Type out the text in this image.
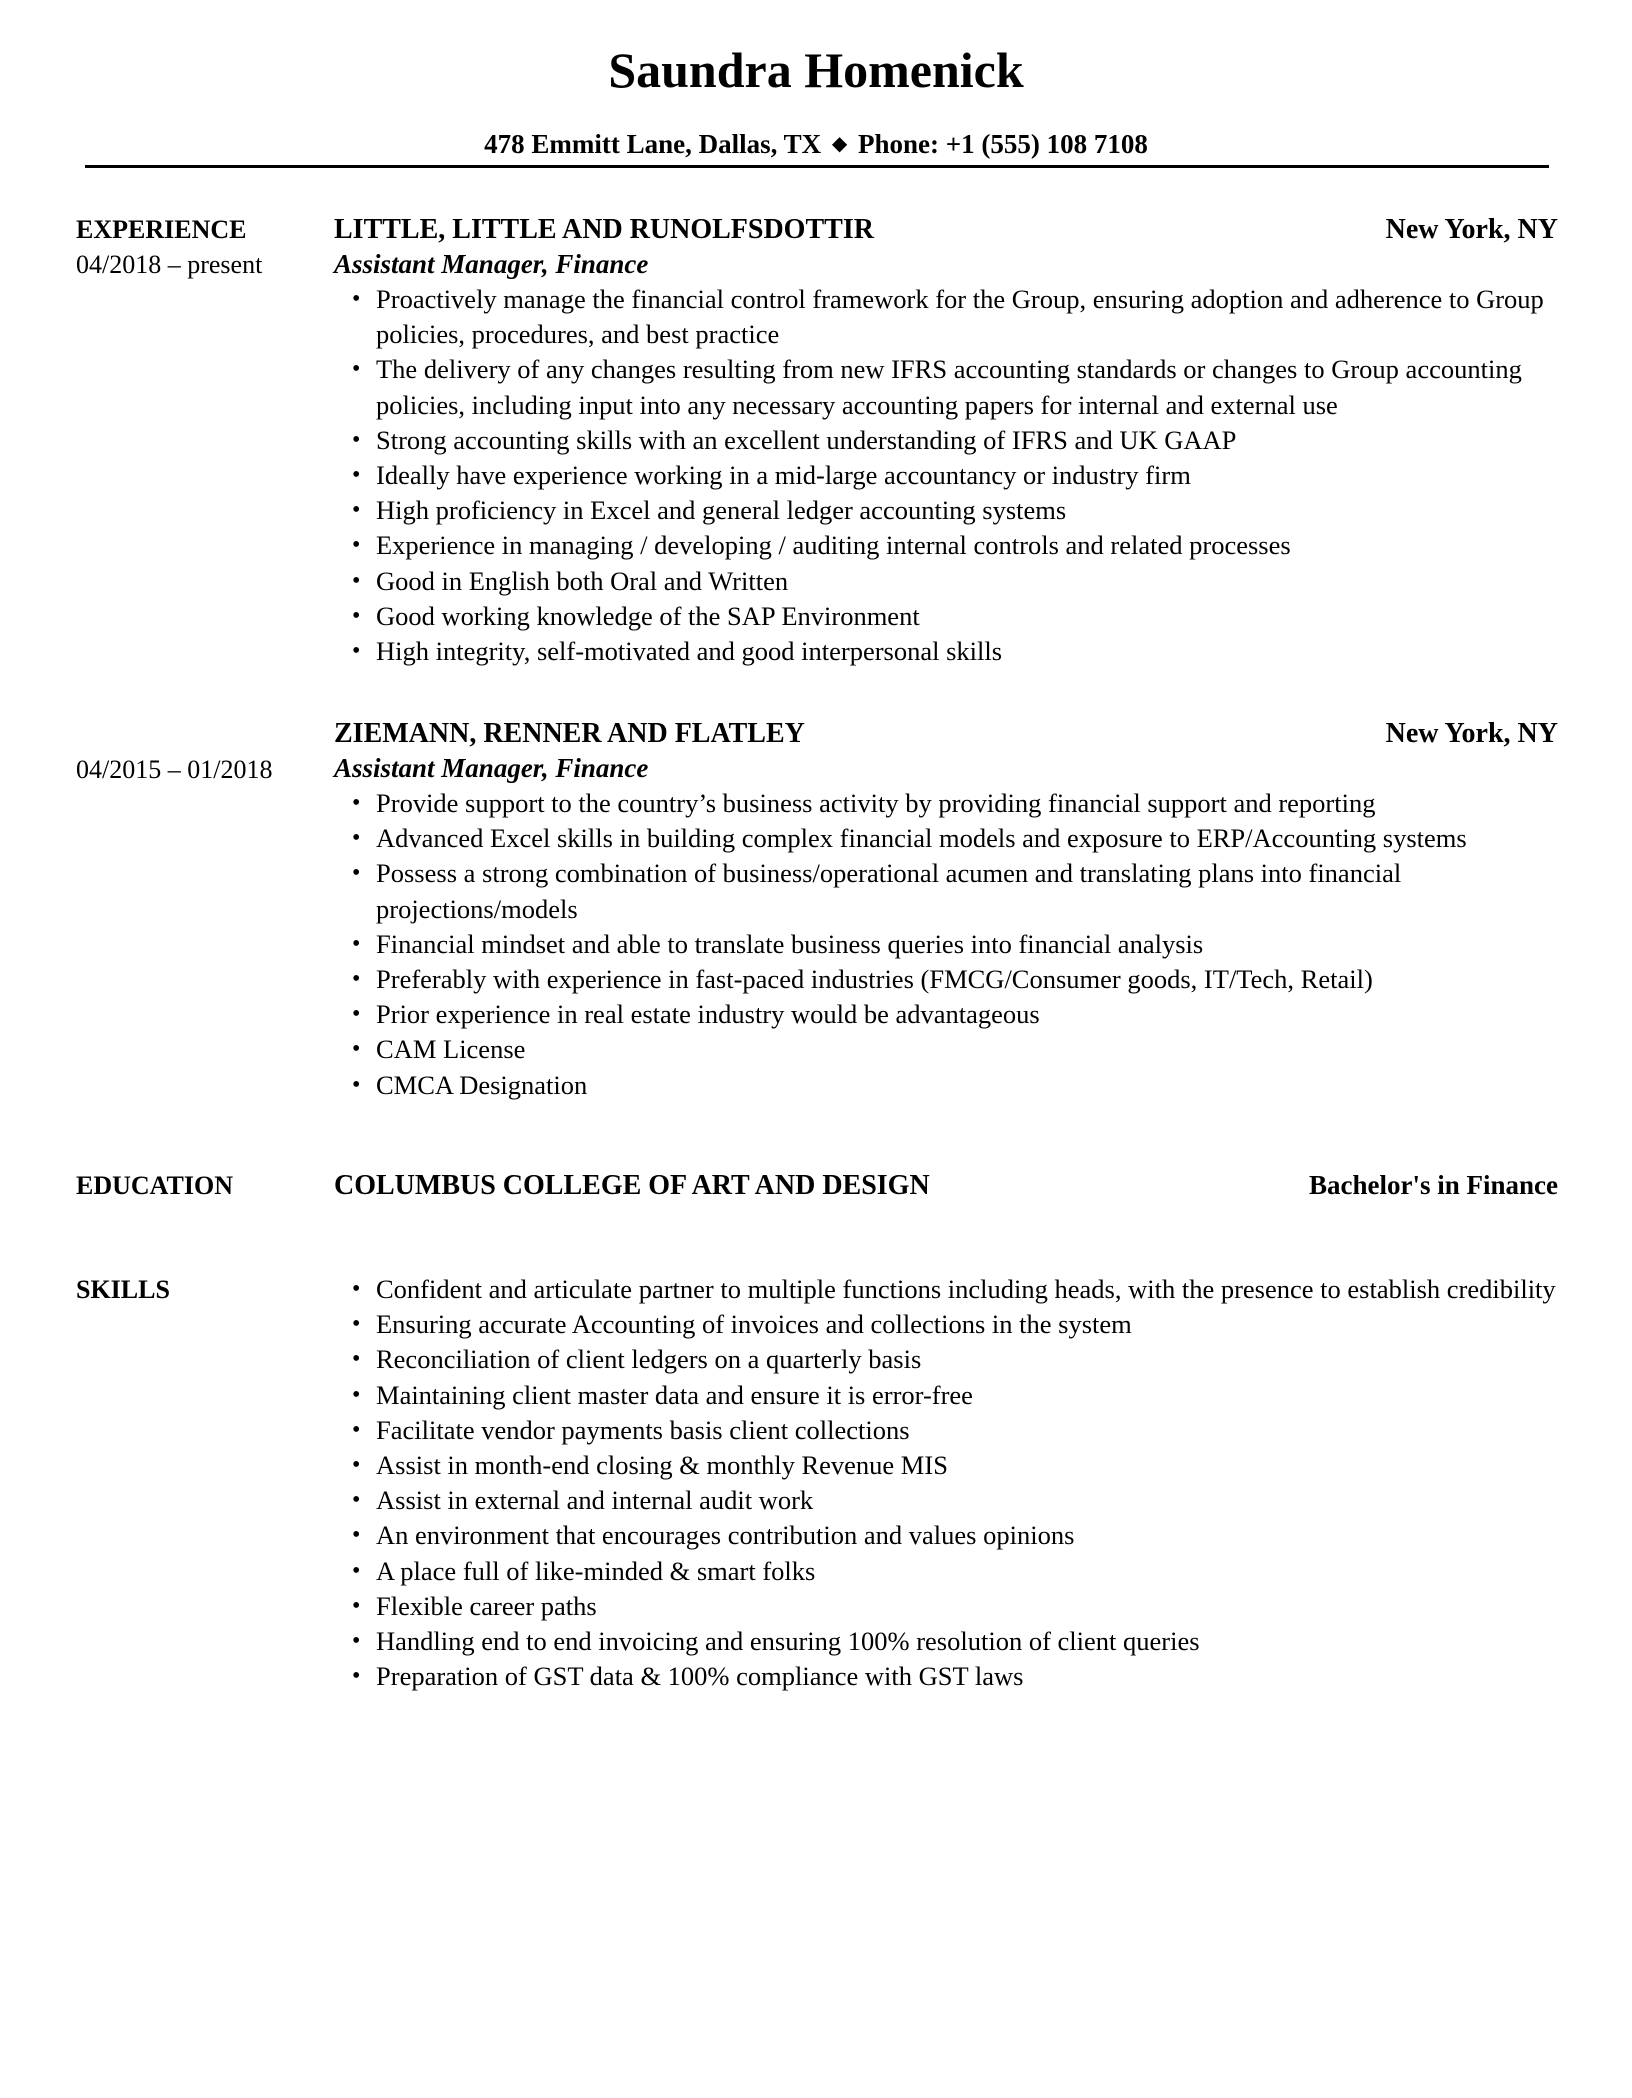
Saundra Homenick
478 Emmitt Lane, Dallas, TX ◆ Phone: +1 (555) 108 7108
EXPERIENCE
04/2018 – present
LITTLE, LITTLE AND RUNOLFSDOTTIR	New York, NY
Assistant Manager, Finance
• Proactively manage the financial control framework for the Group, ensuring adoption and adherence to Group policies, procedures, and best practice
• The delivery of any changes resulting from new IFRS accounting standards or changes to Group accounting policies, including input into any necessary accounting papers for internal and external use
• Strong accounting skills with an excellent understanding of IFRS and UK GAAP
• Ideally have experience working in a mid-large accountancy or industry firm
• High proficiency in Excel and general ledger accounting systems
• Experience in managing / developing / auditing internal controls and related processes
• Good in English both Oral and Written
• Good working knowledge of the SAP Environment
• High integrity, self-motivated and good interpersonal skills
04/2015 – 01/2018
ZIEMANN, RENNER AND FLATLEY	New York, NY
Assistant Manager, Finance
• Provide support to the country’s business activity by providing financial support and reporting
• Advanced Excel skills in building complex financial models and exposure to ERP/Accounting systems
• Possess a strong combination of business/operational acumen and translating plans into financial projections/models
• Financial mindset and able to translate business queries into financial analysis
• Preferably with experience in fast-paced industries (FMCG/Consumer goods, IT/Tech, Retail)
• Prior experience in real estate industry would be advantageous
• CAM License
• CMCA Designation
EDUCATION	COLUMBUS COLLEGE OF ART AND DESIGN	Bachelor's in Finance
SKILLS
•	Confident and articulate partner to multiple functions including heads, with the presence to establish credibility
• Ensuring accurate Accounting of invoices and collections in the system
• Reconciliation of client ledgers on a quarterly basis
• Maintaining client master data and ensure it is error-free
• Facilitate vendor payments basis client collections
• Assist in month-end closing & monthly Revenue MIS
• Assist in external and internal audit work
• An environment that encourages contribution and values opinions
• A place full of like-minded & smart folks
• Flexible career paths
• Handling end to end invoicing and ensuring 100% resolution of client queries
• Preparation of GST data & 100% compliance with GST laws
